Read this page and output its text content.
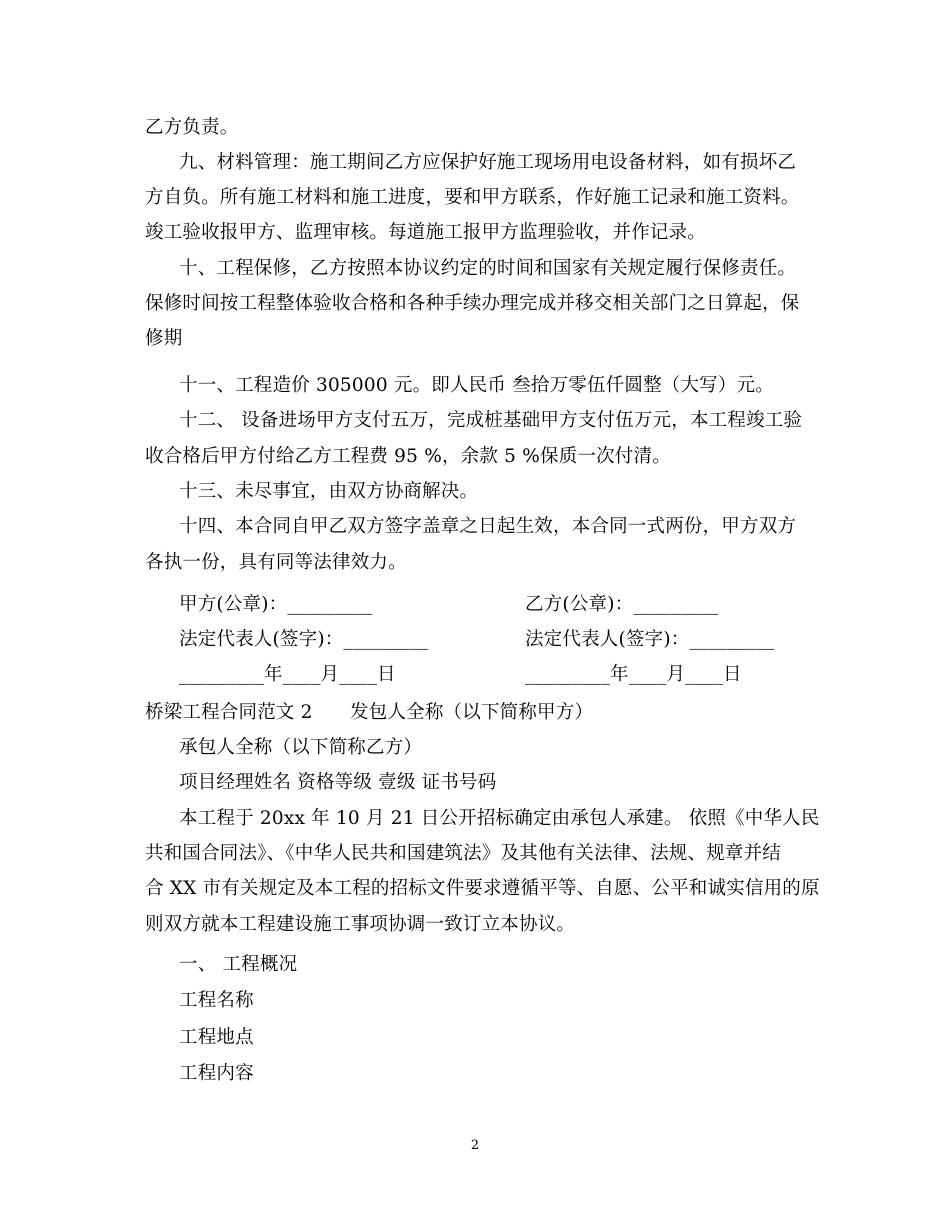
乙方负责。
九、材料管理：施工期间乙方应保护好施工现场用电设备材料，如有损坏乙
方自负。所有施工材料和施工进度，要和甲方联系，作好施工记录和施工资料。
竣工验收报甲方、监理审核。每道施工报甲方监理验收，并作记录。
十、工程保修，乙方按照本协议约定的时间和国家有关规定履行保修责任。
保修时间按工程整体验收合格和各种手续办理完成并移交相关部门之日算起，保
修期
十一、工程造价 305000 元。即人民币 叁拾万零伍仟圆整（大写）元。
十二、 设备进场甲方支付五万，完成桩基础甲方支付伍万元，本工程竣工验
收合格后甲方付给乙方工程费 95 %，余款 5 %保质一次付清。
十三、未尽事宜，由双方协商解决。
十四、本合同自甲乙双方签字盖章之日起生效，本合同一式两份，甲方双方
各执一份，具有同等法律效力。
甲方(公章)：_________	乙方(公章)：_________
法定代表人(签字)：_________	法定代表人(签字)：_________
_________年____月____日	_________年____月____日
桥梁工程合同范文 2　　发包人全称（以下简称甲方）
承包人全称（以下简称乙方）
项目经理姓名 资格等级 壹级 证书号码
本工程于 20xx 年 10 月 21 日公开招标确定由承包人承建。 依照《中华人民
共和国合同法》、《中华人民共和国建筑法》及其他有关法律、法规、规章并结
合 XX 市有关规定及本工程的招标文件要求遵循平等、自愿、公平和诚实信用的原
则双方就本工程建设施工事项协调一致订立本协议。
一、 工程概况
工程名称
工程地点
工程内容
2
